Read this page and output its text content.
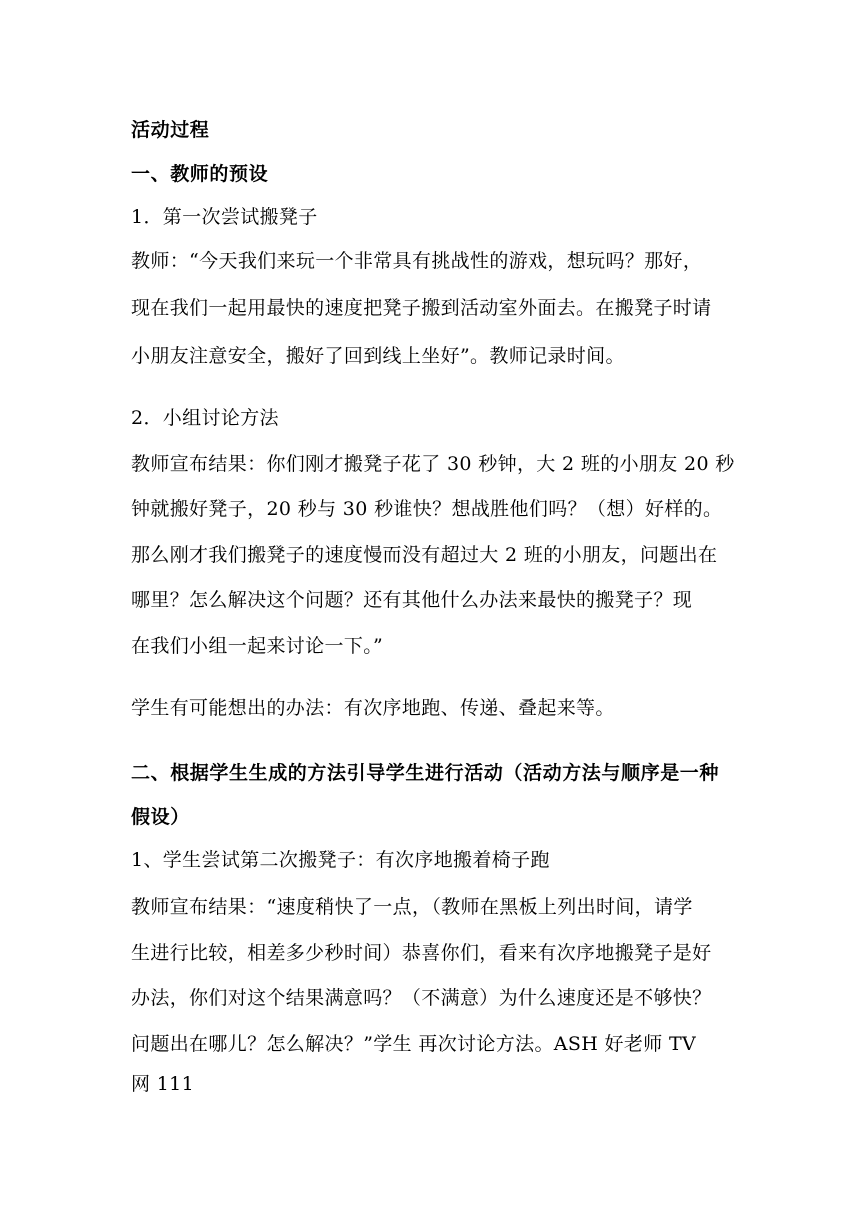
活动过程
一、教师的预设
1．第一次尝试搬凳子
教师：“今天我们来玩一个非常具有挑战性的游戏，想玩吗？那好，
现在我们一起用最快的速度把凳子搬到活动室外面去。在搬凳子时请
小朋友注意安全，搬好了回到线上坐好”。教师记录时间。
2．小组讨论方法
教师宣布结果：你们刚才搬凳子花了 30 秒钟，大 2 班的小朋友 20 秒
钟就搬好凳子，20 秒与 30 秒谁快？想战胜他们吗？（想）好样的。
那么刚才我们搬凳子的速度慢而没有超过大 2 班的小朋友，问题出在
哪里？怎么解决这个问题？还有其他什么办法来最快的搬凳子？现
在我们小组一起来讨论一下。”
学生有可能想出的办法：有次序地跑、传递、叠起来等。
二、根据学生生成的方法引导学生进行活动（活动方法与顺序是一种
假设）
1、学生尝试第二次搬凳子：有次序地搬着椅子跑
教师宣布结果：“速度稍快了一点，（教师在黑板上列出时间，请学
生进行比较，相差多少秒时间）恭喜你们，看来有次序地搬凳子是好
办法，你们对这个结果满意吗？（不满意）为什么速度还是不够快？
问题出在哪儿？怎么解决？”学生 再次讨论方法。ASH 好老师 TV
网 111
